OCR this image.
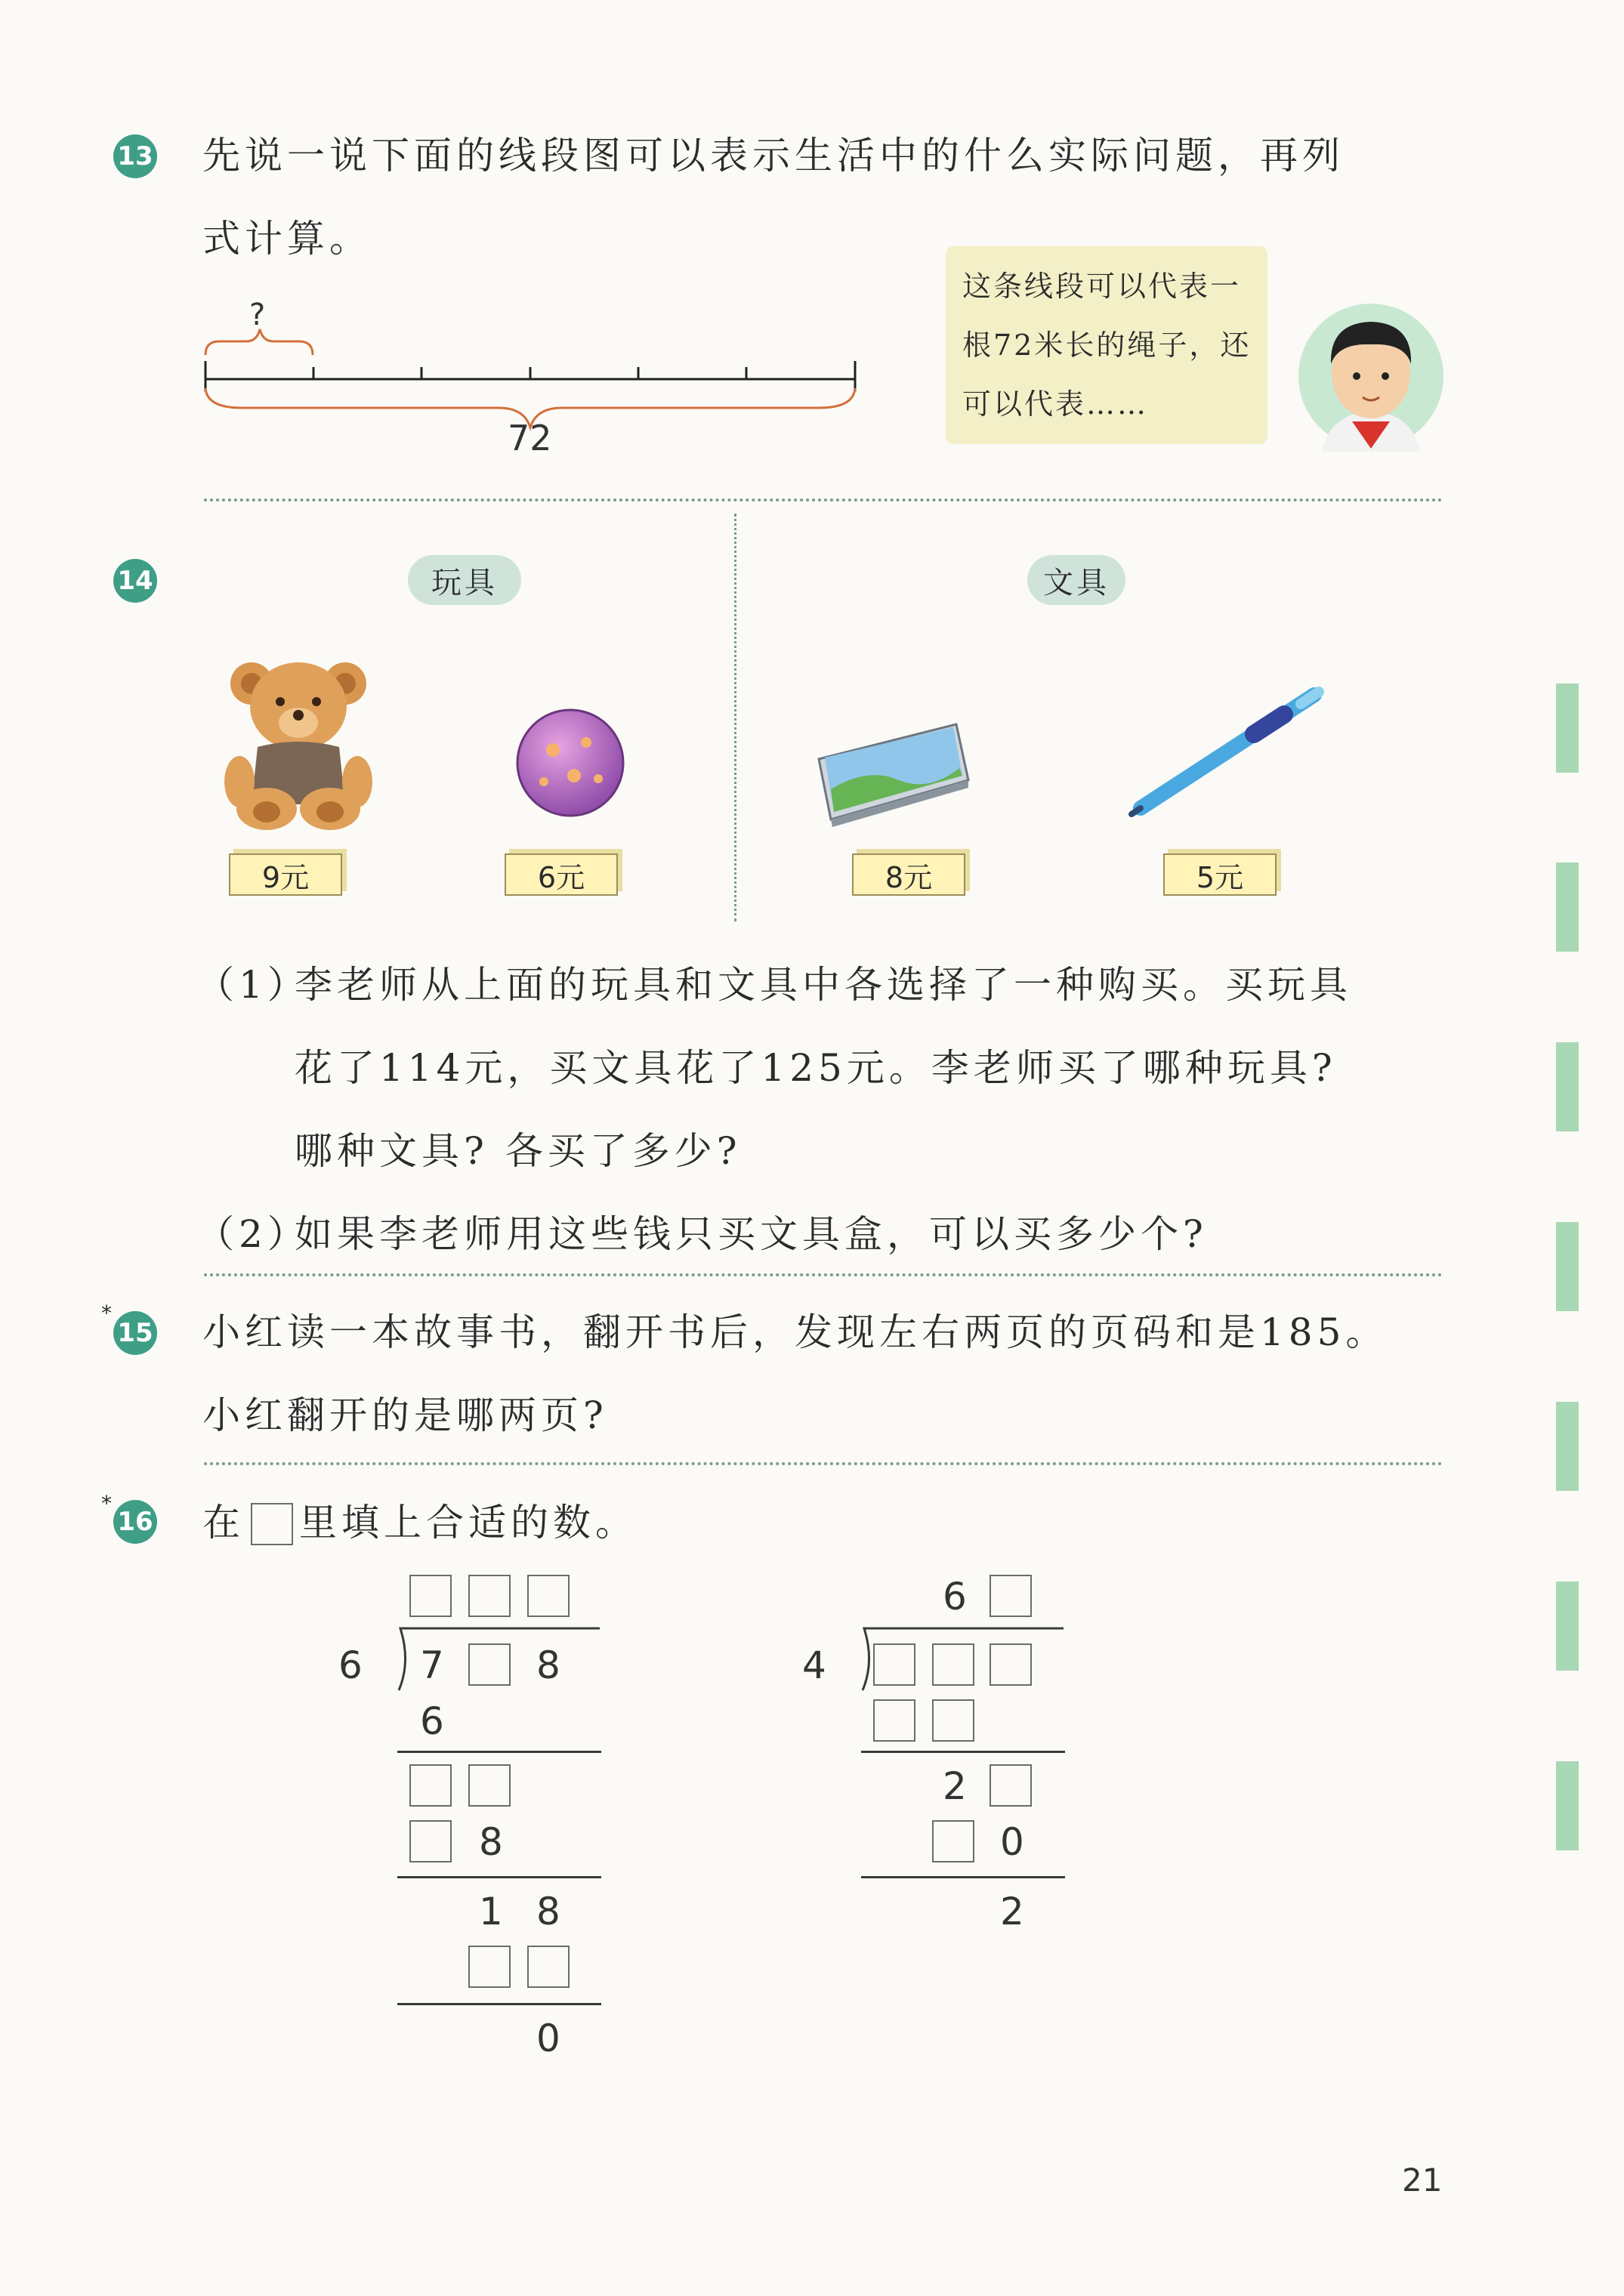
13 先说一说下面的线段图可以表示生活中的什么实际问题，再列
式计算。
?
72
这条线段可以代表一
根72米长的绳子，还
可以代表……
14	玩具	文具
9元	6元	8元	5元
（1）
李老师从上面的玩具和文具中各选择了一种购买。买玩具
花了114元，买文具花了125元。李老师买了哪种玩具?
哪种文具? 各买了多少?
（2）
如果李老师用这些钱只买文具盒，可以买多少个?
*
15 小红读一本故事书，翻开书后，发现左右两页的页码和是185。
小红翻开的是哪两页?
*
16 在 里填上合适的数。
6 7 8
6
8
1 8
0
6
4
2
0
2
21
